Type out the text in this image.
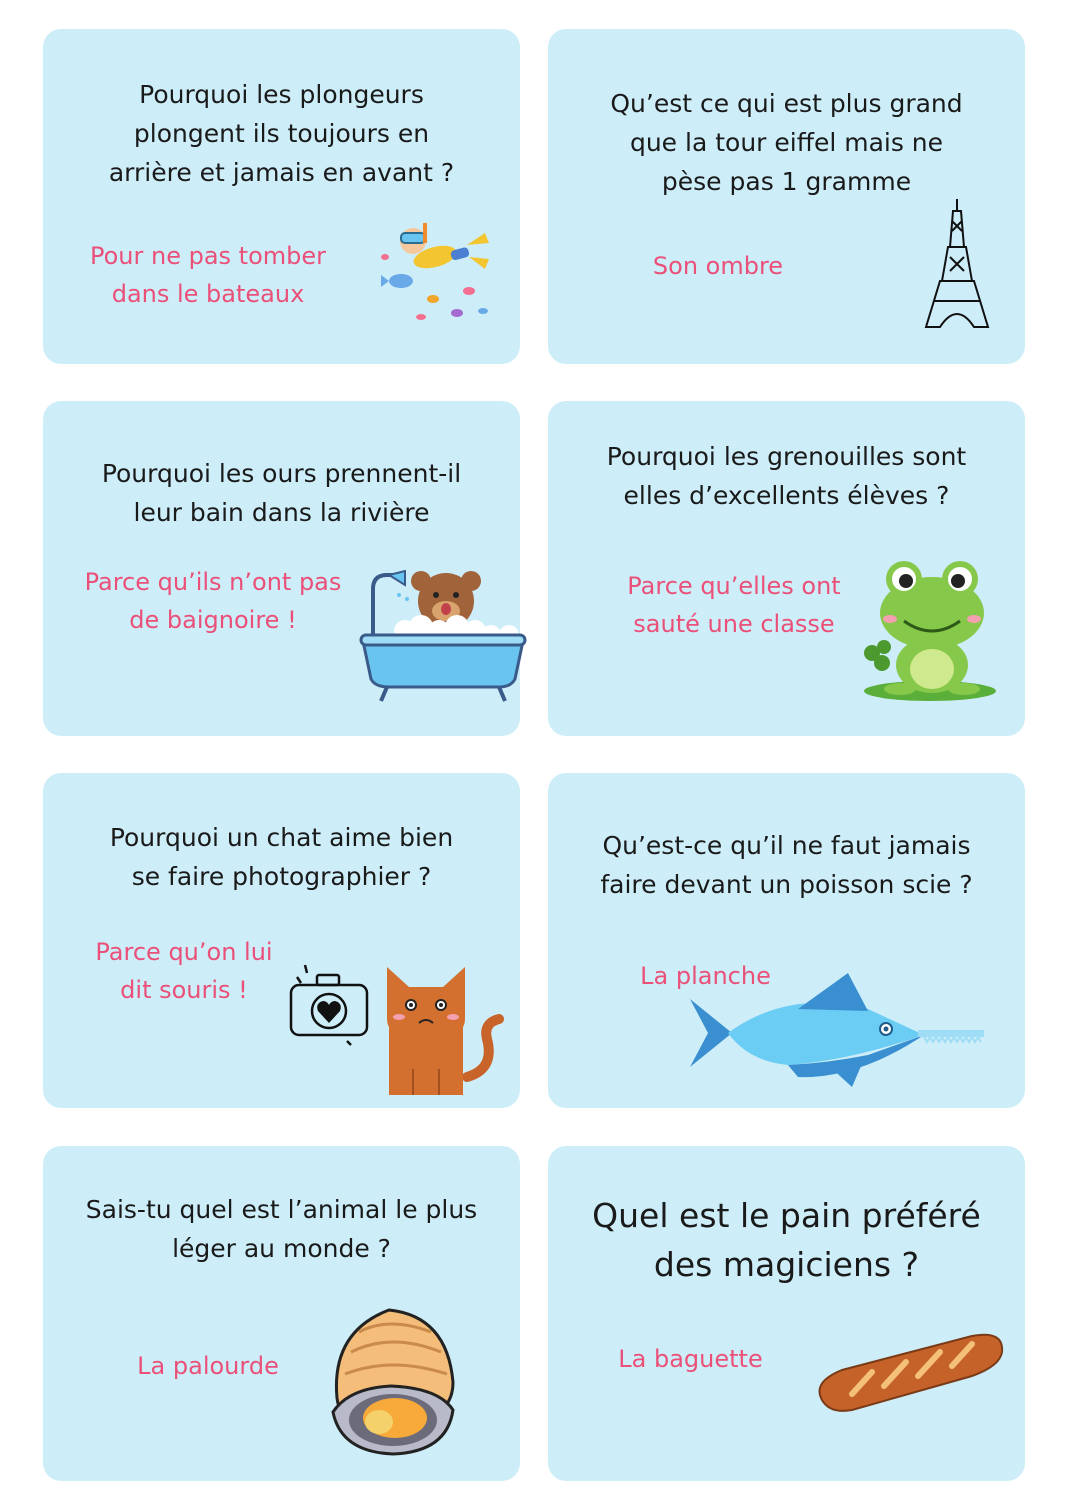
Pourquoi les plongeurs
plongent ils toujours en
arrière et jamais en avant ?

Pour ne pas tomber
dans le bateaux

Qu’est ce qui est plus grand
que la tour eiffel mais ne
pèse pas 1 gramme

Son ombre

Pourquoi les ours prennent-il
leur bain dans la rivière

Parce qu’ils n’ont pas
de baignoire !

Pourquoi les grenouilles sont
elles d’excellents élèves ?

Parce qu’elles ont
sauté une classe

Pourquoi un chat aime bien
se faire photographier ?

Parce qu’on lui
dit souris !

Qu’est-ce qu’il ne faut jamais
faire devant un poisson scie ?

La planche

Sais-tu quel est l’animal le plus
léger au monde ?

La palourde

Quel est le pain préféré
des magiciens ?

La baguette
